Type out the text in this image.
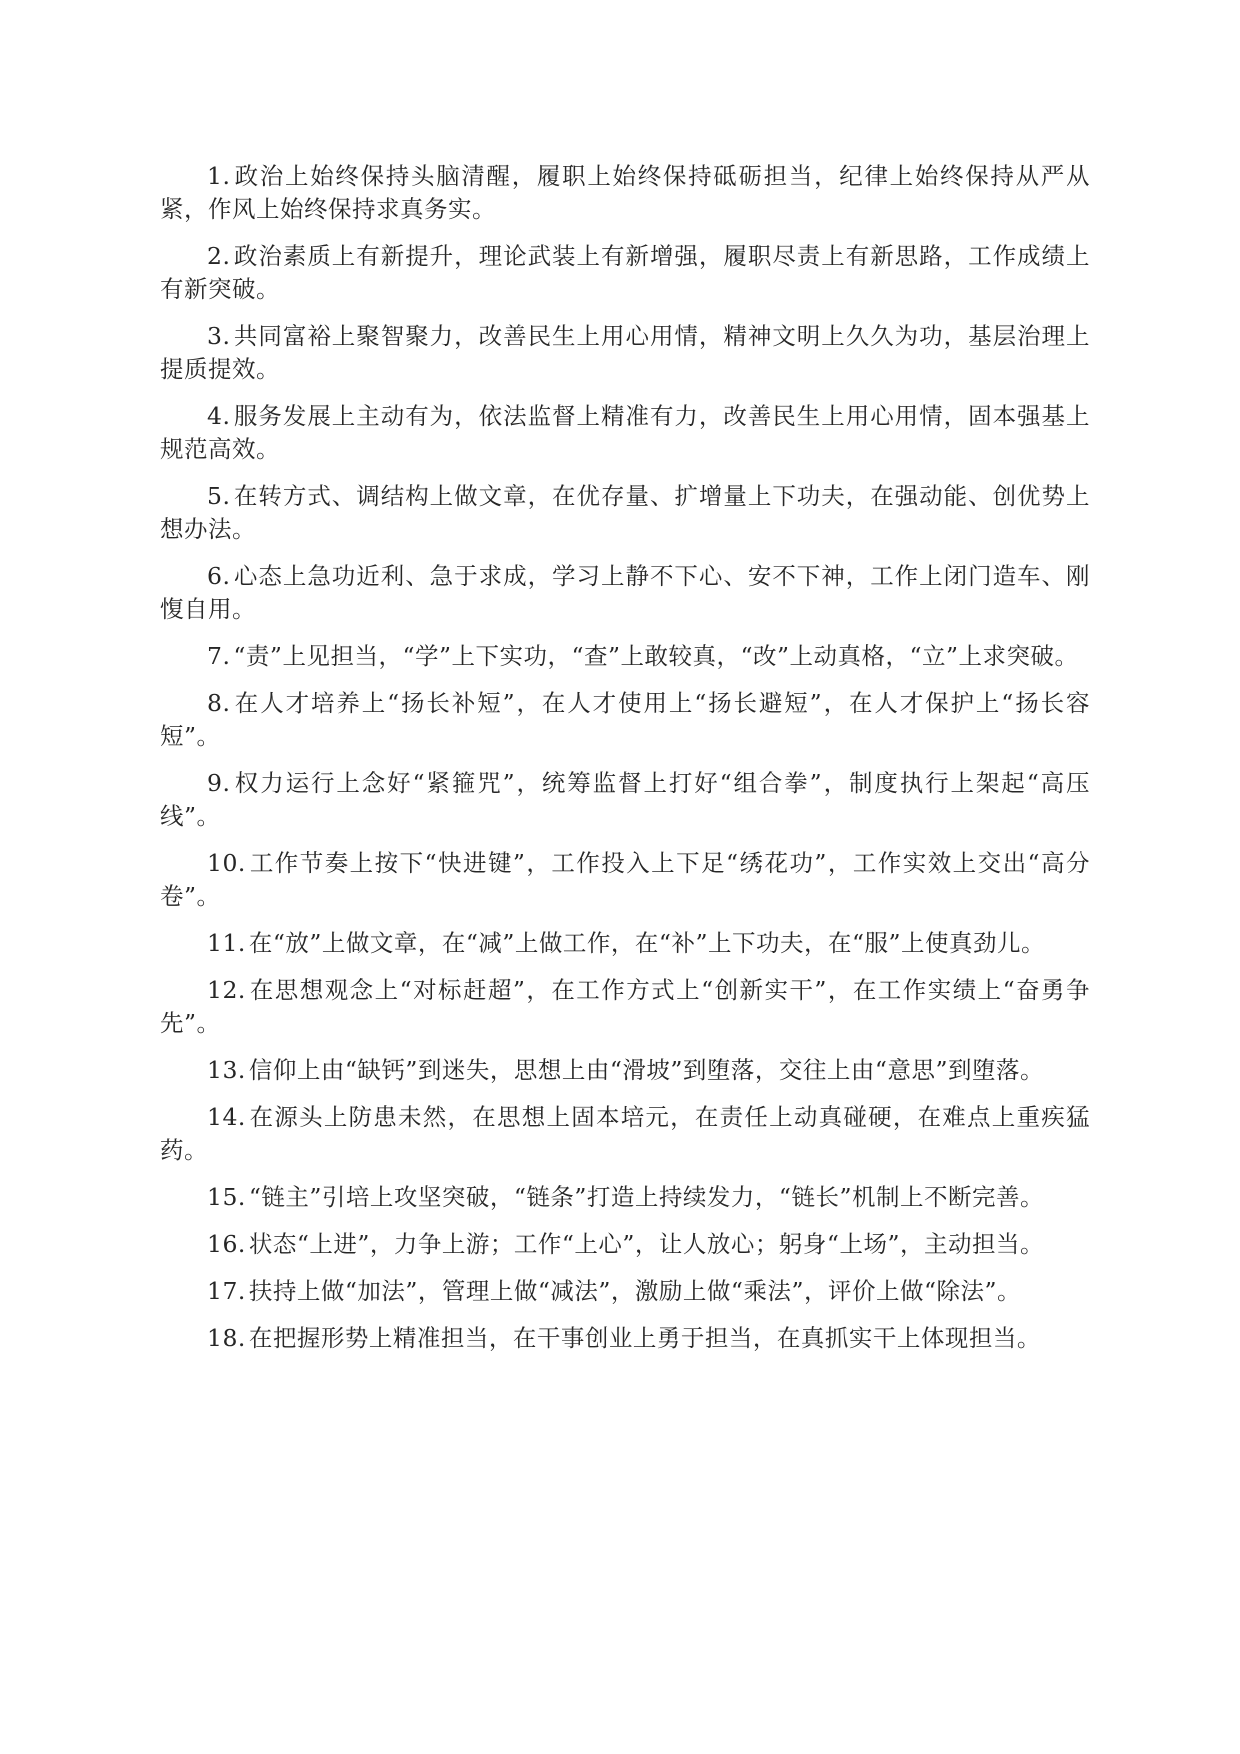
1. 政治上始终保持头脑清醒，履职上始终保持砥砺担当，纪律上始终保持从严从紧，作风上始终保持求真务实。

2. 政治素质上有新提升，理论武装上有新增强，履职尽责上有新思路，工作成绩上有新突破。

3. 共同富裕上聚智聚力，改善民生上用心用情，精神文明上久久为功，基层治理上提质提效。

4. 服务发展上主动有为，依法监督上精准有力，改善民生上用心用情，固本强基上规范高效。

5. 在转方式、调结构上做文章，在优存量、扩增量上下功夫，在强动能、创优势上想办法。

6. 心态上急功近利、急于求成，学习上静不下心、安不下神，工作上闭门造车、刚愎自用。

7. “责”上见担当，“学”上下实功，“查”上敢较真，“改”上动真格，“立”上求突破。

8. 在人才培养上“扬长补短”，在人才使用上“扬长避短”，在人才保护上“扬长容短”。

9. 权力运行上念好“紧箍咒”，统筹监督上打好“组合拳”，制度执行上架起“高压线”。

10. 工作节奏上按下“快进键”，工作投入上下足“绣花功”，工作实效上交出“高分卷”。

11. 在“放”上做文章，在“减”上做工作，在“补”上下功夫，在“服”上使真劲儿。

12. 在思想观念上“对标赶超”，在工作方式上“创新实干”，在工作实绩上“奋勇争先”。

13. 信仰上由“缺钙”到迷失，思想上由“滑坡”到堕落，交往上由“意思”到堕落。

14. 在源头上防患未然，在思想上固本培元，在责任上动真碰硬，在难点上重疾猛药。

15. “链主”引培上攻坚突破，“链条”打造上持续发力，“链长”机制上不断完善。

16. 状态“上进”，力争上游；工作“上心”，让人放心；躬身“上场”，主动担当。

17. 扶持上做“加法”，管理上做“减法”，激励上做“乘法”，评价上做“除法”。

18. 在把握形势上精准担当，在干事创业上勇于担当，在真抓实干上体现担当。
